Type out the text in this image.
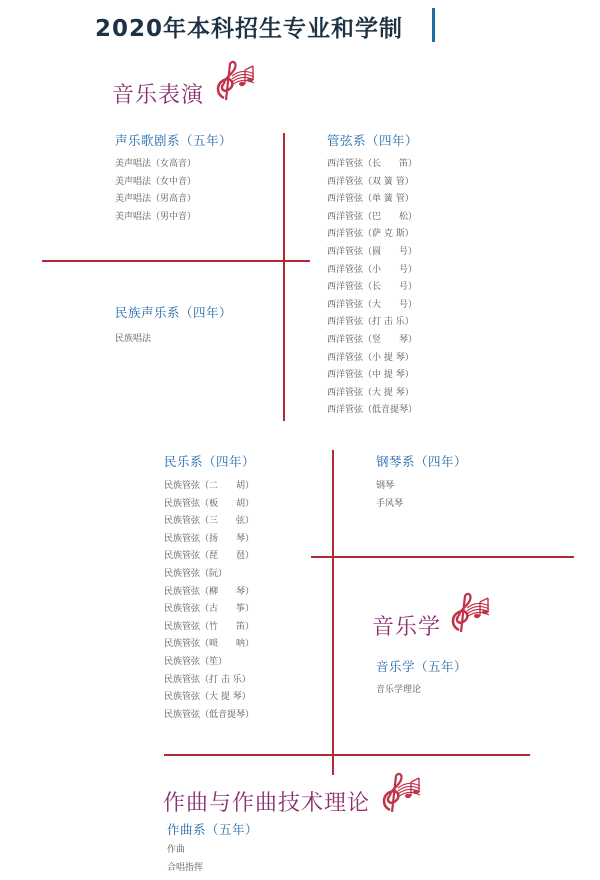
2020年本科招生专业和学制
音乐表演
声乐歌剧系（五年）
美声唱法（女高音）
美声唱法（女中音）
美声唱法（男高音）
美声唱法（男中音）
民族声乐系（四年）
民族唱法
管弦系（四年）
西洋管弦（长　　笛）
西洋管弦（双 簧 管）
西洋管弦（单 簧 管）
西洋管弦（巴　　松）
西洋管弦（萨 克 斯）
西洋管弦（圆　　号）
西洋管弦（小　　号）
西洋管弦（长　　号）
西洋管弦（大　　号）
西洋管弦（打 击 乐）
西洋管弦（竖　　琴）
西洋管弦（小 提 琴）
西洋管弦（中 提 琴）
西洋管弦（大 提 琴）
西洋管弦（低音提琴）
民乐系（四年）
民族管弦（二　　胡）
民族管弦（板　　胡）
民族管弦（三　　弦）
民族管弦（扬　　琴）
民族管弦（琵　　琶）
民族管弦（阮）
民族管弦（柳　　琴）
民族管弦（古　　筝）
民族管弦（竹　　笛）
民族管弦（唢　　呐）
民族管弦（笙）
民族管弦（打 击 乐）
民族管弦（大 提 琴）
民族管弦（低音提琴）
钢琴系（四年）
钢琴
手风琴
音乐学
音乐学（五年）
音乐学理论
作曲与作曲技术理论
作曲系（五年）
作曲
合唱指挥
